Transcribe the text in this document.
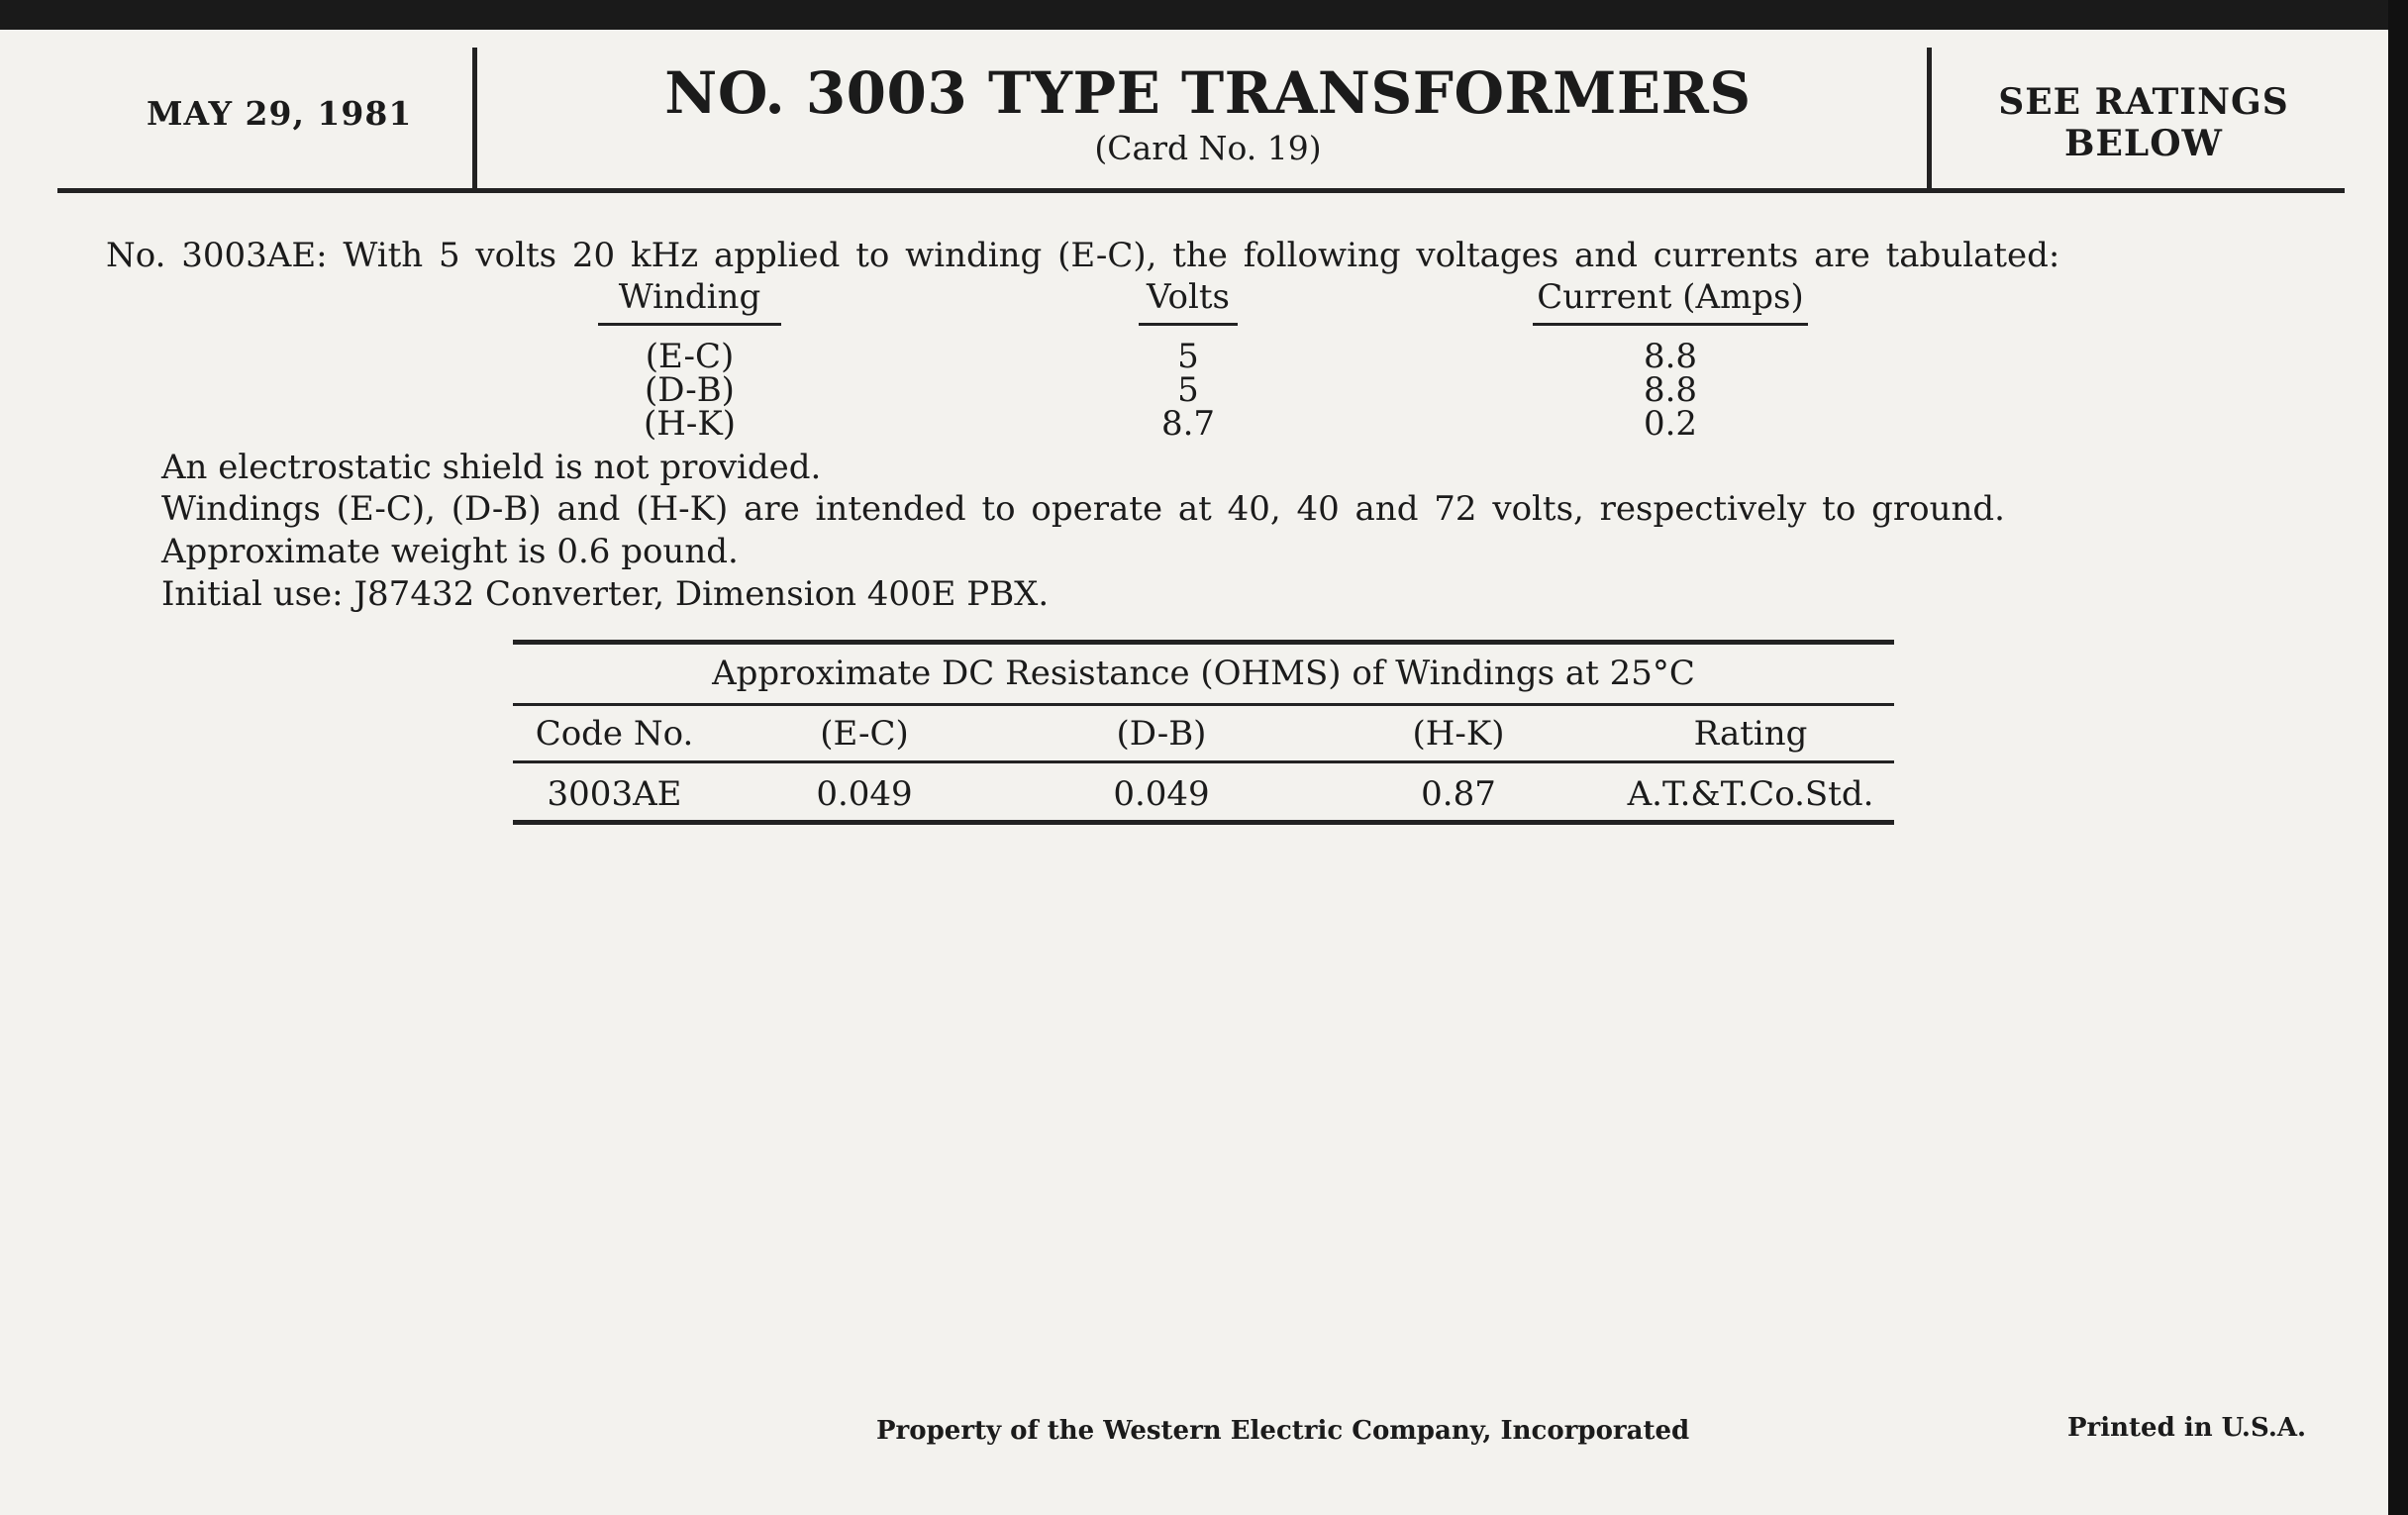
MAY 29, 1981	NO. 3003 TYPE TRANSFORMERS
(Card No. 19)
SEE RATINGS
BELOW
No. 3003AE: With 5 volts 20 kHz applied to winding (E-C), the following voltages and currents are tabulated:
Winding	Volts	Current (Amps)
(E-C)	5	8.8
(D-B)	5	8.8
(H-K)	8.7	0.2
An electrostatic shield is not provided.
Windings (E-C), (D-B) and (H-K) are intended to operate at 40, 40 and 72 volts, respectively to ground.
Approximate weight is 0.6 pound.
Initial use: J87432 Converter, Dimension 400E PBX.
Approximate DC Resistance (OHMS) of Windings at 25°C
Code No.	(E-C)	(D-B)	(H-K)	Rating
3003AE	0.049	0.049	0.87	A.T.&T.Co.Std.
Property of the Western Electric Company, Incorporated	Printed in U.S.A.
